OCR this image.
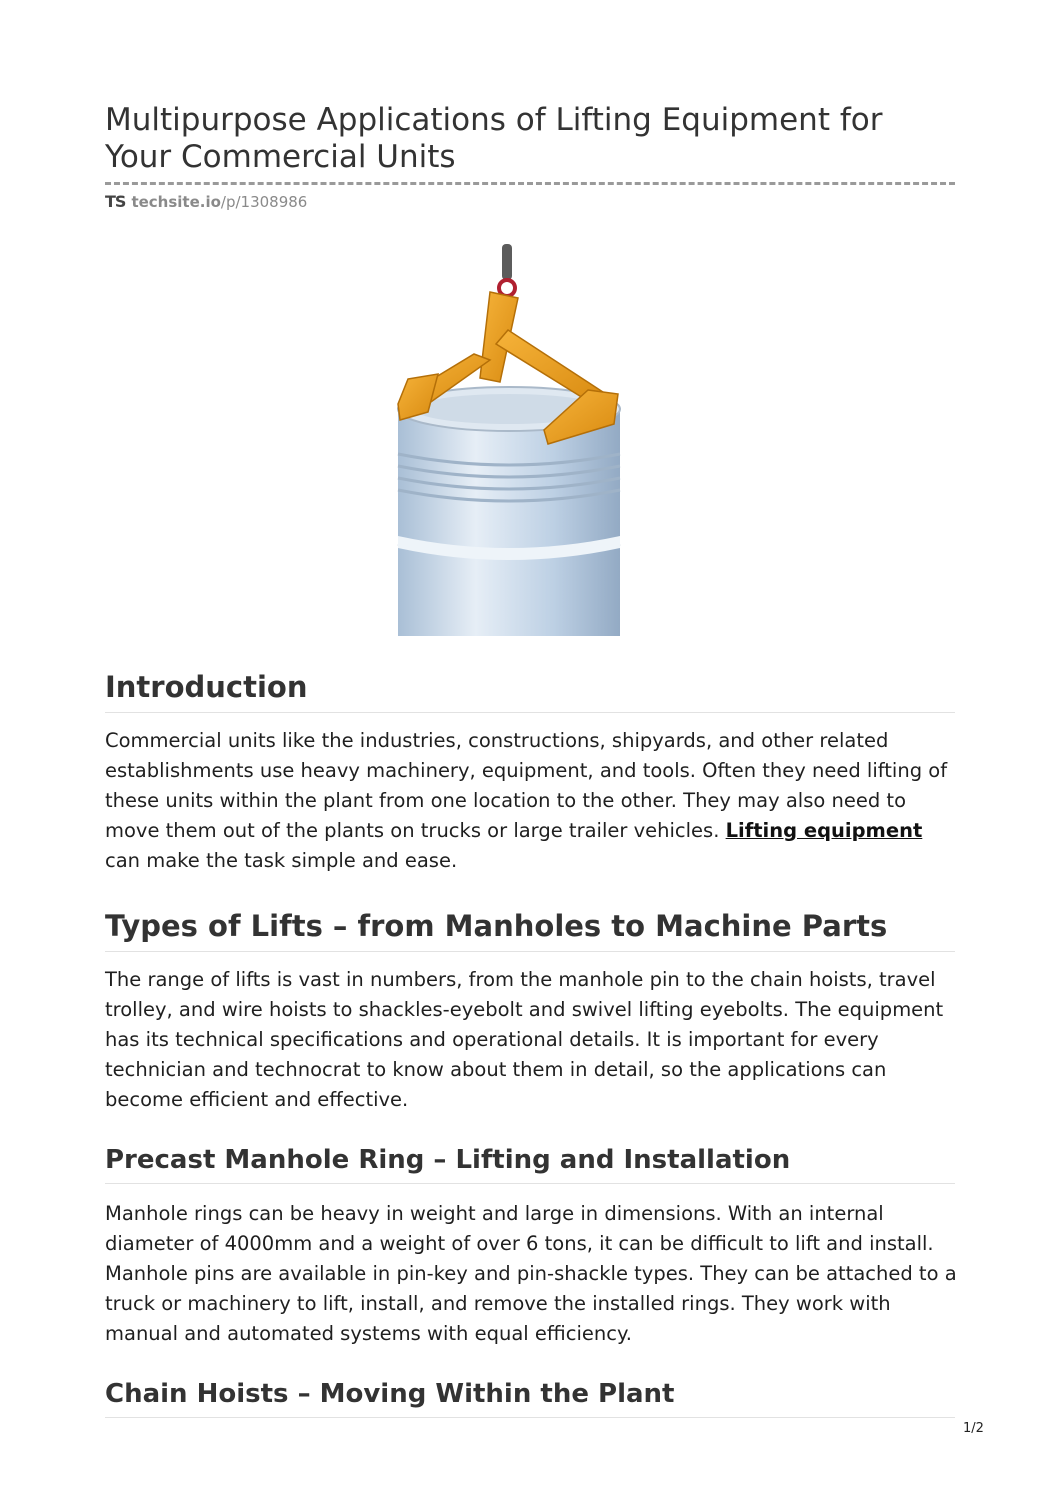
Multipurpose Applications of Lifting Equipment for Your Commercial Units
TS techsite.io /p/1308986
Introduction

Commercial units like the industries, constructions, shipyards, and other related establishments use heavy machinery, equipment, and tools. Often they need lifting of these units within the plant from one location to the other. They may also need to move them out of the plants on trucks or large trailer vehicles. Lifting equipment can make the task simple and ease.

Types of Lifts – from Manholes to Machine Parts

The range of lifts is vast in numbers, from the manhole pin to the chain hoists, travel trolley, and wire hoists to shackles-eyebolt and swivel lifting eyebolts. The equipment has its technical specifications and operational details. It is important for every technician and technocrat to know about them in detail, so the applications can become efficient and effective.

Precast Manhole Ring – Lifting and Installation

Manhole rings can be heavy in weight and large in dimensions. With an internal diameter of 4000mm and a weight of over 6 tons, it can be difficult to lift and install. Manhole pins are available in pin-key and pin-shackle types. They can be attached to a truck or machinery to lift, install, and remove the installed rings. They work with manual and automated systems with equal efficiency.

Chain Hoists – Moving Within the Plant
1/2
